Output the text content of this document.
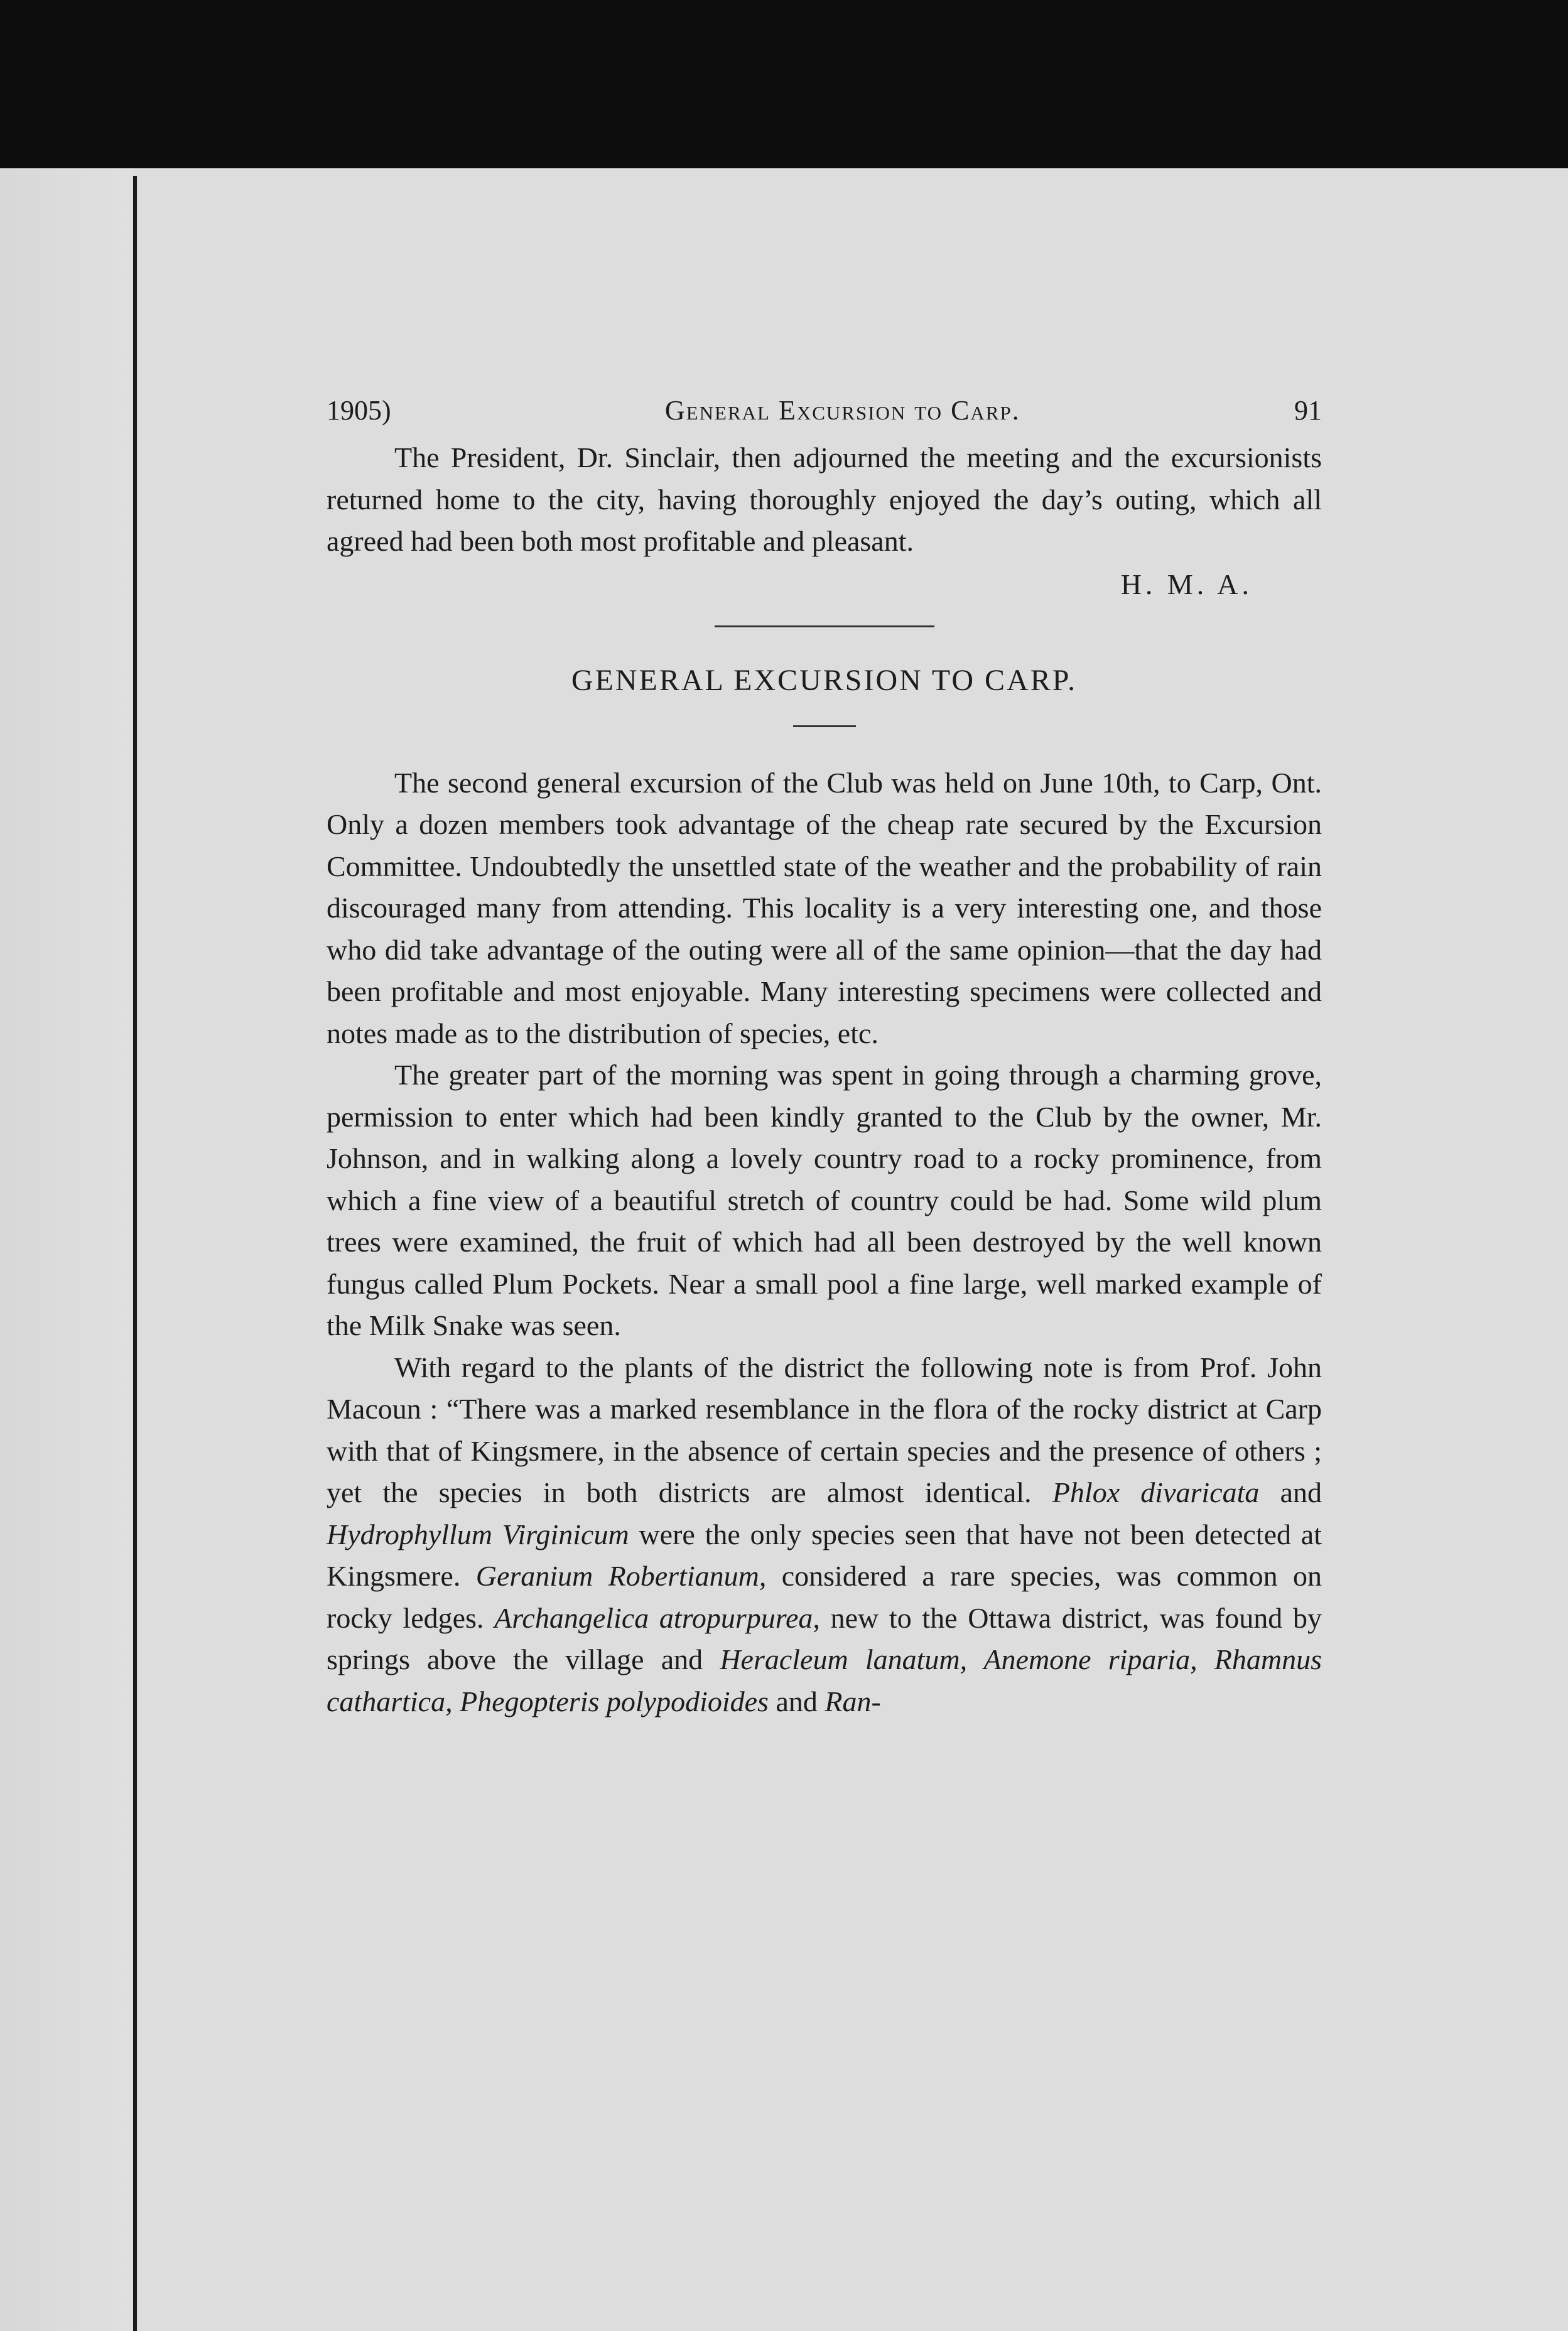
1905)	General Excursion to Carp.	91

The President, Dr. Sinclair, then adjourned the meeting and the excursionists returned home to the city, having thoroughly enjoyed the day’s outing, which all agreed had been both most profitable and pleasant.

H. M. A.
GENERAL EXCURSION TO CARP.

The second general excursion of the Club was held on June 10th, to Carp, Ont. Only a dozen members took advantage of the cheap rate secured by the Excursion Committee. Undoubtedly the unsettled state of the weather and the probability of rain discouraged many from attending. This locality is a very interesting one, and those who did take advantage of the outing were all of the same opinion—that the day had been profitable and most enjoyable. Many interesting specimens were collected and notes made as to the distribution of species, etc.

The greater part of the morning was spent in going through a charming grove, permission to enter which had been kindly granted to the Club by the owner, Mr. Johnson, and in walking along a lovely country road to a rocky prominence, from which a fine view of a beautiful stretch of country could be had. Some wild plum trees were examined, the fruit of which had all been destroyed by the well known fungus called Plum Pockets. Near a small pool a fine large, well marked example of the Milk Snake was seen.

With regard to the plants of the district the following note is from Prof. John Macoun : “There was a marked resemblance in the flora of the rocky district at Carp with that of Kingsmere, in the absence of certain species and the presence of others ; yet the species in both districts are almost identical. Phlox divaricata and Hydrophyllum Virginicum were the only species seen that have not been detected at Kingsmere. Geranium Robertianum, considered a rare species, was common on rocky ledges. Archangelica atropurpurea, new to the Ottawa district, was found by springs above the village and Heracleum lanatum, Anemone riparia, Rhamnus cathartica, Phegopteris polypodioides and Ran-
